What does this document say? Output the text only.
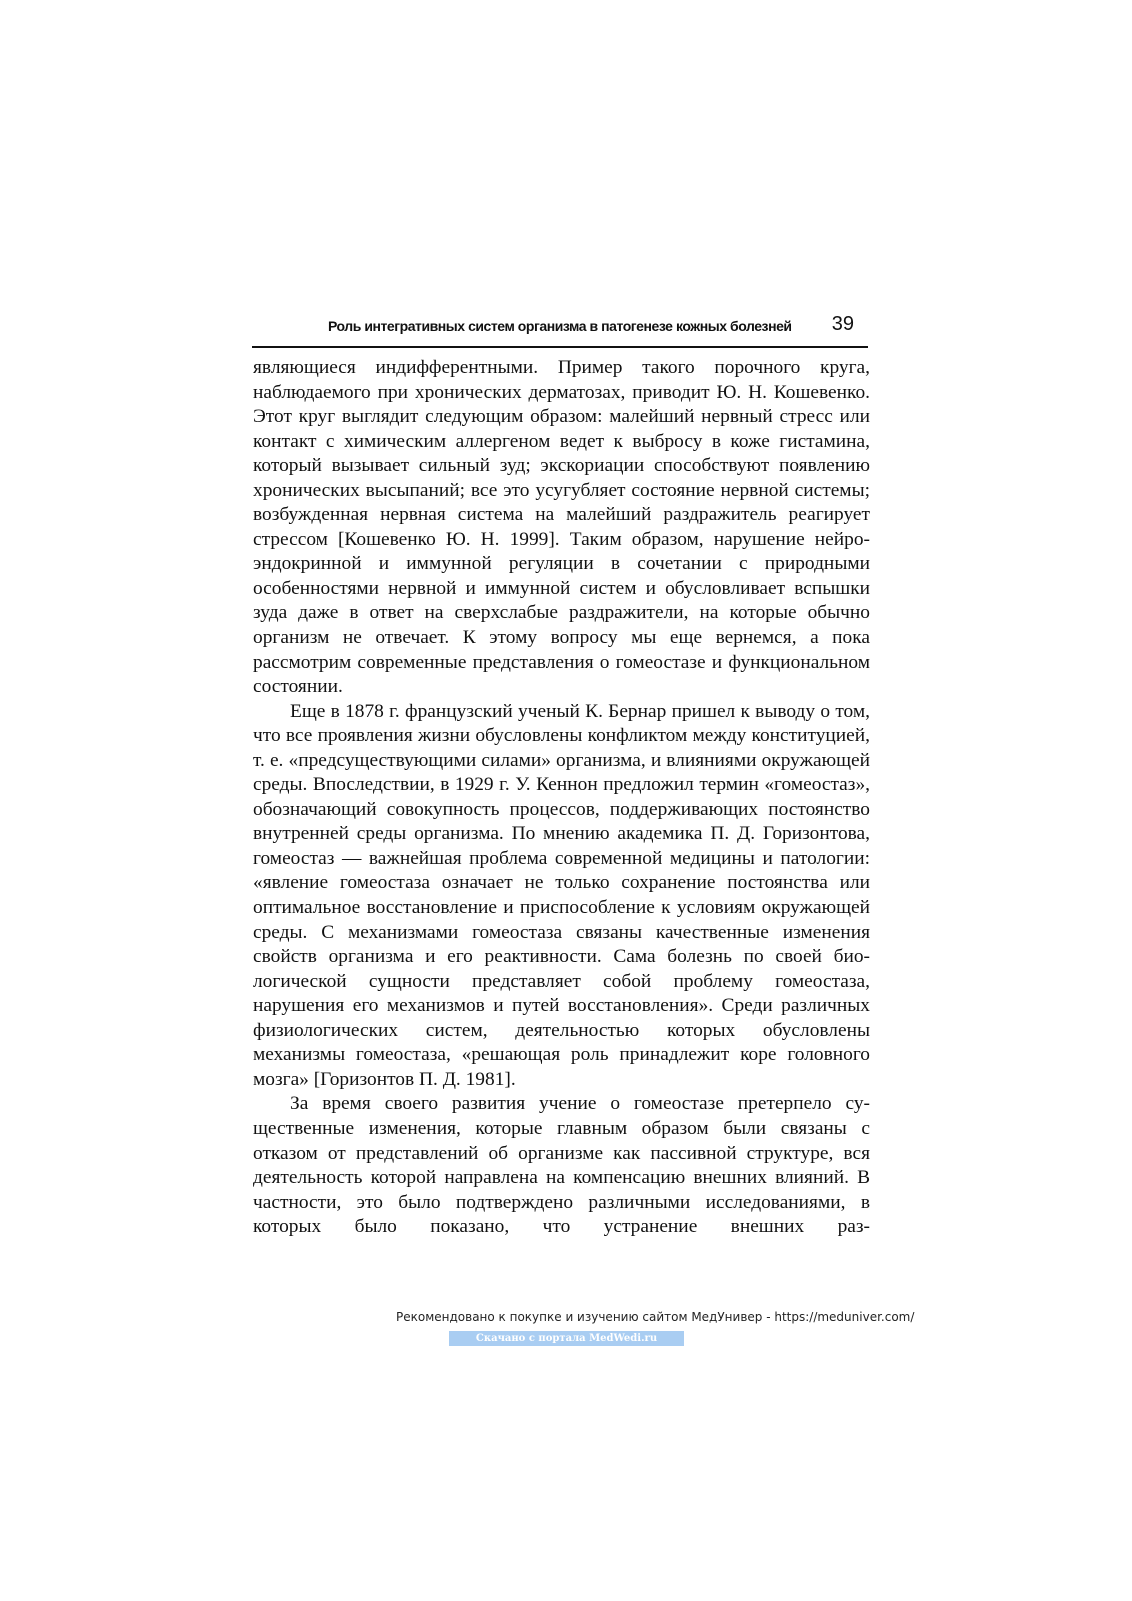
Роль интегративных систем организма в патогенезе кожных болезней 39

являющиеся индифферентными. Пример такого порочного круга, наблюдаемого при хронических дерматозах, приводит Ю. Н. Кошевенко. Этот круг выглядит следующим образом: малейший нервный стресс или контакт с химическим аллергеном ведет к выбросу в коже гистамина, который вызывает сильный зуд; экскориации способствуют появлению хронических высыпаний; все это усугубляет состояние нервной системы; возбужденная нервная система на малейший раздражитель реагирует стрессом [Кошевенко Ю. Н. 1999]. Таким образом, нарушение нейро-эндокринной и иммунной регуляции в сочетании с природными особенностями нервной и иммунной систем и обусловливает вспышки зуда даже в ответ на сверхслабые раздражители, на которые обычно организм не отвечает. К этому вопросу мы еще вернемся, а пока рассмотрим современные представления о гомеостазе и функциональном состоянии.

Еще в 1878 г. французский ученый К. Бернар пришел к выводу о том, что все проявления жизни обусловлены конфликтом между конституцией, т. е. «предсуществующими силами» организма, и влияниями окружающей среды. Впоследствии, в 1929 г. У. Кеннон предложил термин «гомеостаз», обозначающий совокупность процессов, поддерживающих постоянство внутренней среды организма. По мнению академика П. Д. Горизонтова, гомеостаз — важнейшая проблема современной медицины и патологии: «явление гомеостаза означает не только сохранение постоянства или оптимальное восстановление и приспособление к условиям окружающей среды. С механизмами гомеостаза связаны качественные изменения свойств организма и его реактивности. Сама болезнь по своей биологической сущности представляет собой проблему гомеостаза, нарушения его механизмов и путей восстановления». Среди различных физиологических систем, деятельностью которых обусловлены механизмы гомеостаза, «решающая роль принадлежит коре головного мозга» [Горизонтов П. Д. 1981].

За время своего развития учение о гомеостазе претерпело существенные изменения, которые главным образом были связаны с отказом от представлений об организме как пассивной структуре, вся деятельность которой направлена на компенсацию внешних влияний. В частности, это было подтверждено различными исследованиями, в которых было показано, что устранение внешних раз-

Рекомендовано к покупке и изучению сайтом МедУнивер - https://meduniver.com/
Скачано с портала MedWedi.ru
